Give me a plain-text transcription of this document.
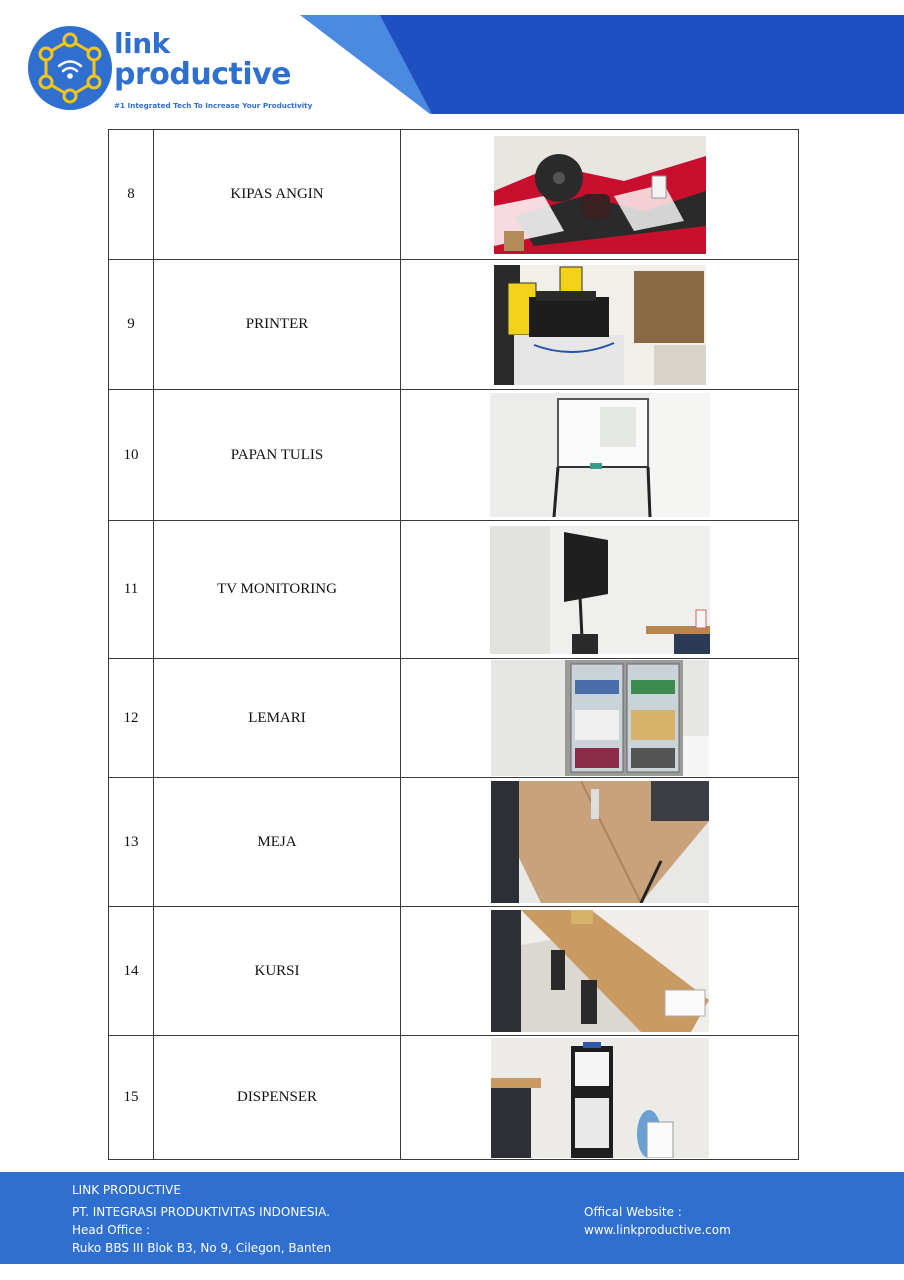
link
productive
#1 Integrated Tech To Increase Your Productivity
8	KIPAS ANGIN	

9	PRINTER	

10	PAPAN TULIS	

11	TV MONITORING	

12	LEMARI	

13	MEJA	

14	KURSI	

15	DISPENSER	
LINK PRODUCTIVE
PT. INTEGRASI PRODUKTIVITAS INDONESIA.
Head Office :
Ruko BBS III Blok B3, No 9, Cilegon, Banten
Offical Website :
www.linkproductive.com
